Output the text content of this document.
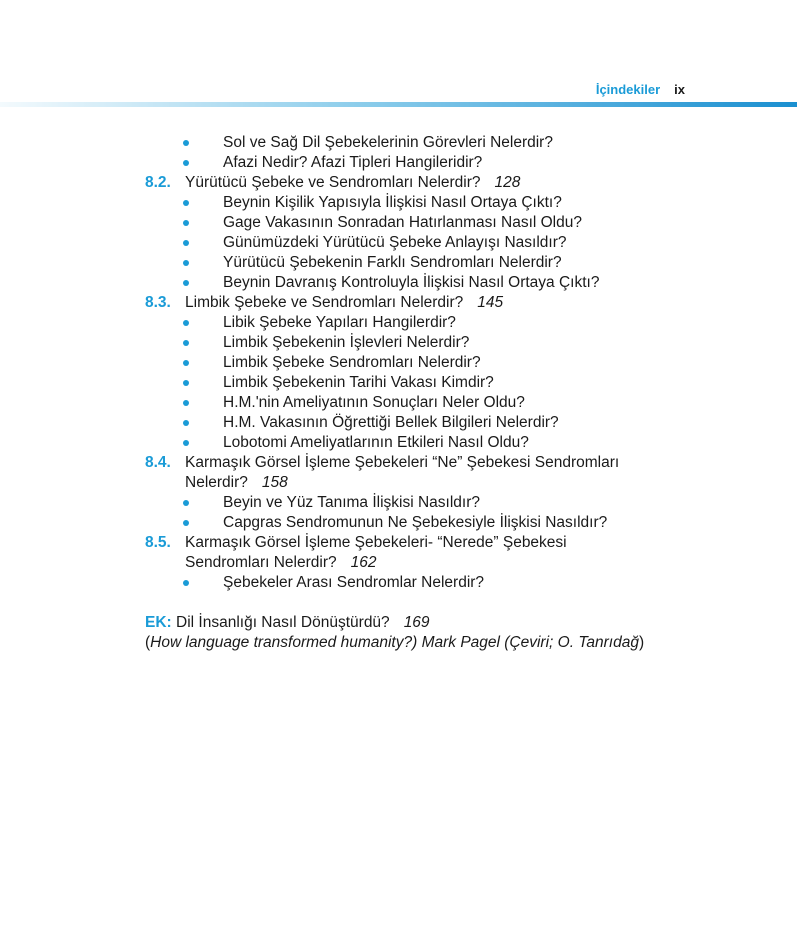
İçindekiler ix
Sol ve Sağ Dil Şebekelerinin Görevleri Nelerdir?
Afazi Nedir? Afazi Tipleri Hangileridir?
8.2. Yürütücü Şebeke ve Sendromları Nelerdir? 128
Beynin Kişilik Yapısıyla İlişkisi Nasıl Ortaya Çıktı?
Gage Vakasının Sonradan Hatırlanması Nasıl Oldu?
Günümüzdeki Yürütücü Şebeke Anlayışı Nasıldır?
Yürütücü Şebekenin Farklı Sendromları Nelerdir?
Beynin Davranış Kontroluyla İlişkisi Nasıl Ortaya Çıktı?
8.3. Limbik Şebeke ve Sendromları Nelerdir? 145
Libik Şebeke Yapıları Hangilerdir?
Limbik Şebekenin İşlevleri Nelerdir?
Limbik Şebeke Sendromları Nelerdir?
Limbik Şebekenin Tarihi Vakası Kimdir?
H.M.'nin Ameliyatının Sonuçları Neler Oldu?
H.M. Vakasının Öğrettiği Bellek Bilgileri Nelerdir?
Lobotomi Ameliyatlarının Etkileri Nasıl Oldu?
8.4. Karmaşık Görsel İşleme Şebekeleri “Ne” Şebekesi Sendromları
Nelerdir? 158
Beyin ve Yüz Tanıma İlişkisi Nasıldır?
Capgras Sendromunun Ne Şebekesiyle İlişkisi Nasıldır?
8.5. Karmaşık Görsel İşleme Şebekeleri- “Nerede” Şebekesi
Sendromları Nelerdir? 162
Şebekeler Arası Sendromlar Nelerdir?
EK: Dil İnsanlığı Nasıl Dönüştürdü? 169
(How language transformed humanity?) Mark Pagel (Çeviri; O. Tanrıdağ)
